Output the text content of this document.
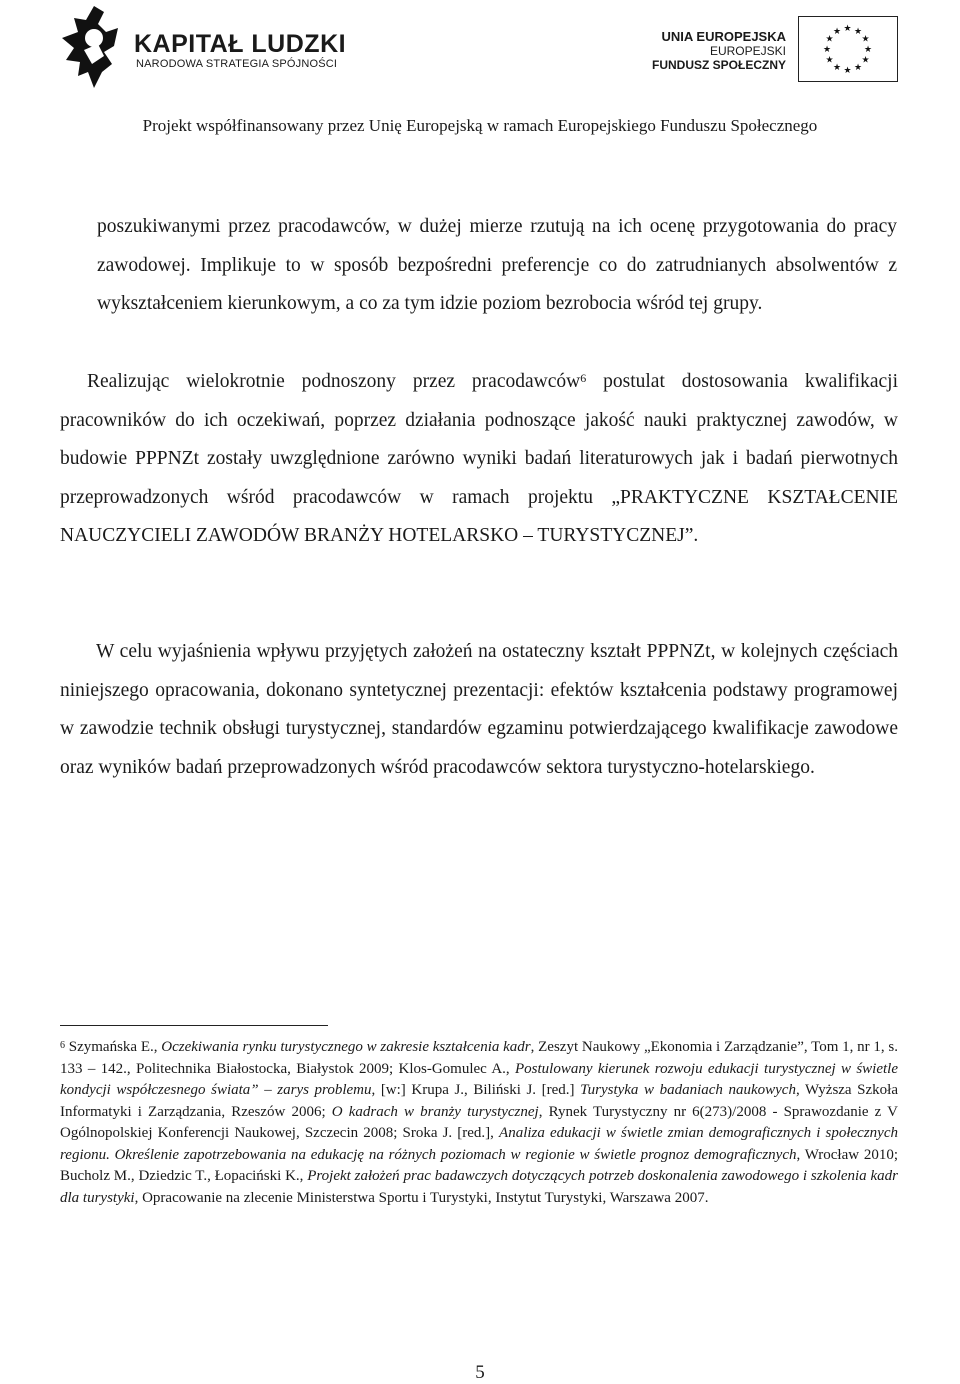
KAPITAŁ LUDZKI
NARODOWA STRATEGIA SPÓJNOŚCI
UNIA EUROPEJSKA
EUROPEJSKI
FUNDUSZ SPOŁECZNY
★ ★
★
★
★
★
★
★
★
★
★
★
Projekt współfinansowany przez Unię Europejską w ramach Europejskiego Funduszu Społecznego
poszukiwanymi przez pracodawców, w dużej mierze rzutują na ich ocenę przygotowania do pracy zawodowej. Implikuje to w sposób bezpośredni preferencje co do zatrudnianych absolwentów z wykształceniem kierunkowym, a co za tym idzie poziom bezrobocia wśród tej grupy.
Realizując wielokrotnie podnoszony przez pracodawców$^6$ postulat dostosowania kwalifikacji pracowników do ich oczekiwań, poprzez działania podnoszące jakość nauki praktycznej zawodów, w budowie PPPNZt zostały uwzględnione zarówno wyniki badań literaturowych jak i badań pierwotnych przeprowadzonych wśród pracodawców w ramach projektu „PRAKTYCZNE KSZTAŁCENIE NAUCZYCIELI ZAWODÓW BRANŻY HOTELARSKO – TURYSTYCZNEJ”.
W celu wyjaśnienia wpływu przyjętych założeń na ostateczny kształt PPPNZt, w kolejnych częściach niniejszego opracowania, dokonano syntetycznej prezentacji: efektów kształcenia podstawy programowej w zawodzie technik obsługi turystycznej, standardów egzaminu potwierdzającego kwalifikacje zawodowe oraz wyników badań przeprowadzonych wśród pracodawców sektora turystyczno-hotelarskiego.
$^6$ Szymańska E., Oczekiwania rynku turystycznego w zakresie kształcenia kadr, Zeszyt Naukowy „Ekonomia i Zarządzanie”, Tom 1, nr 1, s. 133 – 142., Politechnika Białostocka, Białystok 2009; Klos-Gomulec A., Postulowany kierunek rozwoju edukacji turystycznej w świetle kondycji współczesnego świata” – zarys problemu, [w:] Krupa J., Biliński J. [red.] Turystyka w badaniach naukowych, Wyższa Szkoła Informatyki i Zarządzania, Rzeszów 2006; O kadrach w branży turystycznej, Rynek Turystyczny nr 6(273)/2008 - Sprawozdanie z V Ogólnopolskiej Konferencji Naukowej, Szczecin 2008; Sroka J. [red.], Analiza edukacji w świetle zmian demograficznych i społecznych regionu. Określenie zapotrzebowania na edukację na różnych poziomach w regionie w świetle prognoz demograficznych, Wrocław 2010; Bucholz M., Dziedzic T., Łopaciński K., Projekt założeń prac badawczych dotyczących potrzeb doskonalenia zawodowego i szkolenia kadr dla turystyki, Opracowanie na zlecenie Ministerstwa Sportu i Turystyki, Instytut Turystyki, Warszawa 2007.
5
